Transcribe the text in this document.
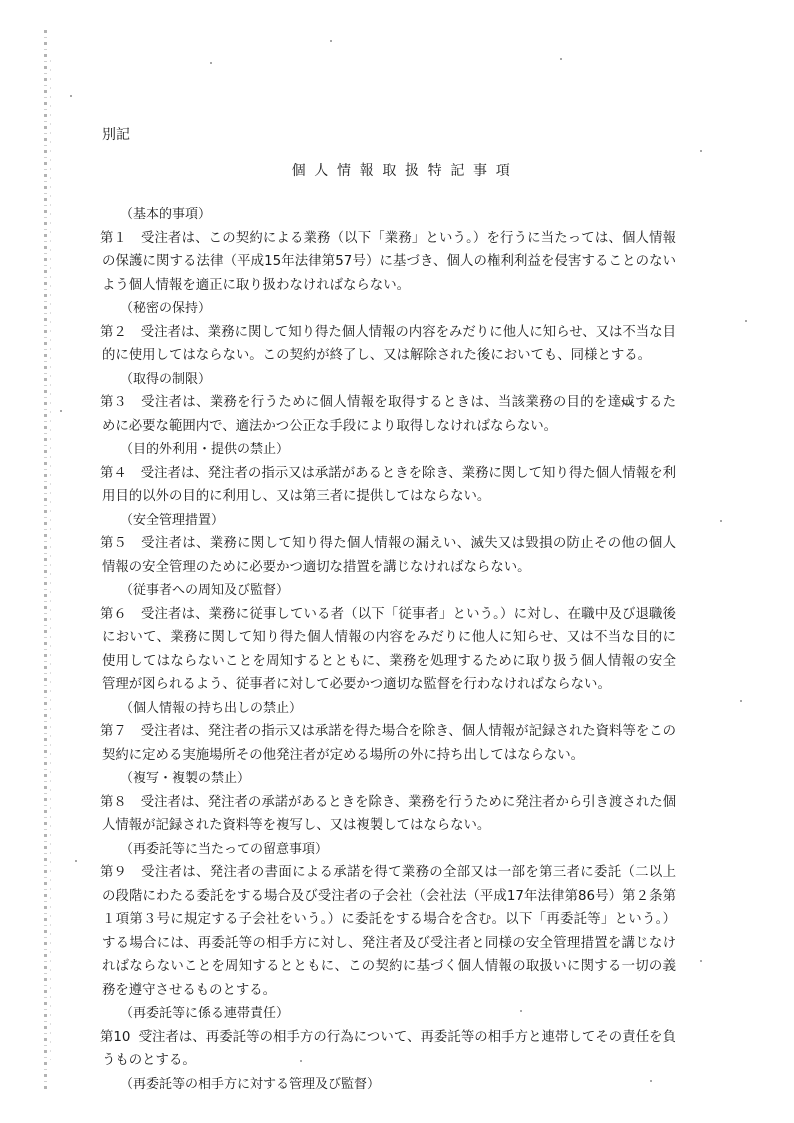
別記
個人情報取扱特記事項
（基本的事項）
第１ 受注者は、この契約による業務（以下「業務」という。）を行うに当たっては、個人情報の保護に関する法律（平成15年法律第57号）に基づき、個人の権利利益を侵害することのないよう個人情報を適正に取り扱わなければならない。
（秘密の保持）
第２ 受注者は、業務に関して知り得た個人情報の内容をみだりに他人に知らせ、又は不当な目的に使用してはならない。この契約が終了し、又は解除された後においても、同様とする。
（取得の制限）
第３ 受注者は、業務を行うために個人情報を取得するときは、当該業務の目的を達成するために必要な範囲内で、適法かつ公正な手段により取得しなければならない。
（目的外利用・提供の禁止）
第４ 受注者は、発注者の指示又は承諾があるときを除き、業務に関して知り得た個人情報を利用目的以外の目的に利用し、又は第三者に提供してはならない。
（安全管理措置）
第５ 受注者は、業務に関して知り得た個人情報の漏えい、滅失又は毀損の防止その他の個人情報の安全管理のために必要かつ適切な措置を講じなければならない。
（従事者への周知及び監督）
第６ 受注者は、業務に従事している者（以下「従事者」という。）に対し、在職中及び退職後において、業務に関して知り得た個人情報の内容をみだりに他人に知らせ、又は不当な目的に使用してはならないことを周知するとともに、業務を処理するために取り扱う個人情報の安全管理が図られるよう、従事者に対して必要かつ適切な監督を行わなければならない。
（個人情報の持ち出しの禁止）
第７ 受注者は、発注者の指示又は承諾を得た場合を除き、個人情報が記録された資料等をこの契約に定める実施場所その他発注者が定める場所の外に持ち出してはならない。
（複写・複製の禁止）
第８ 受注者は、発注者の承諾があるときを除き、業務を行うために発注者から引き渡された個人情報が記録された資料等を複写し、又は複製してはならない。
（再委託等に当たっての留意事項）
第９ 受注者は、発注者の書面による承諾を得て業務の全部又は一部を第三者に委託（二以上の段階にわたる委託をする場合及び受注者の子会社（会社法（平成17年法律第86号）第２条第１項第３号に規定する子会社をいう。）に委託をする場合を含む。以下「再委託等」という。）する場合には、再委託等の相手方に対し、発注者及び受注者と同様の安全管理措置を講じなければならないことを周知するとともに、この契約に基づく個人情報の取扱いに関する一切の義務を遵守させるものとする。
（再委託等に係る連帯責任）
第10 受注者は、再委託等の相手方の行為について、再委託等の相手方と連帯してその責任を負うものとする。
（再委託等の相手方に対する管理及び監督）
